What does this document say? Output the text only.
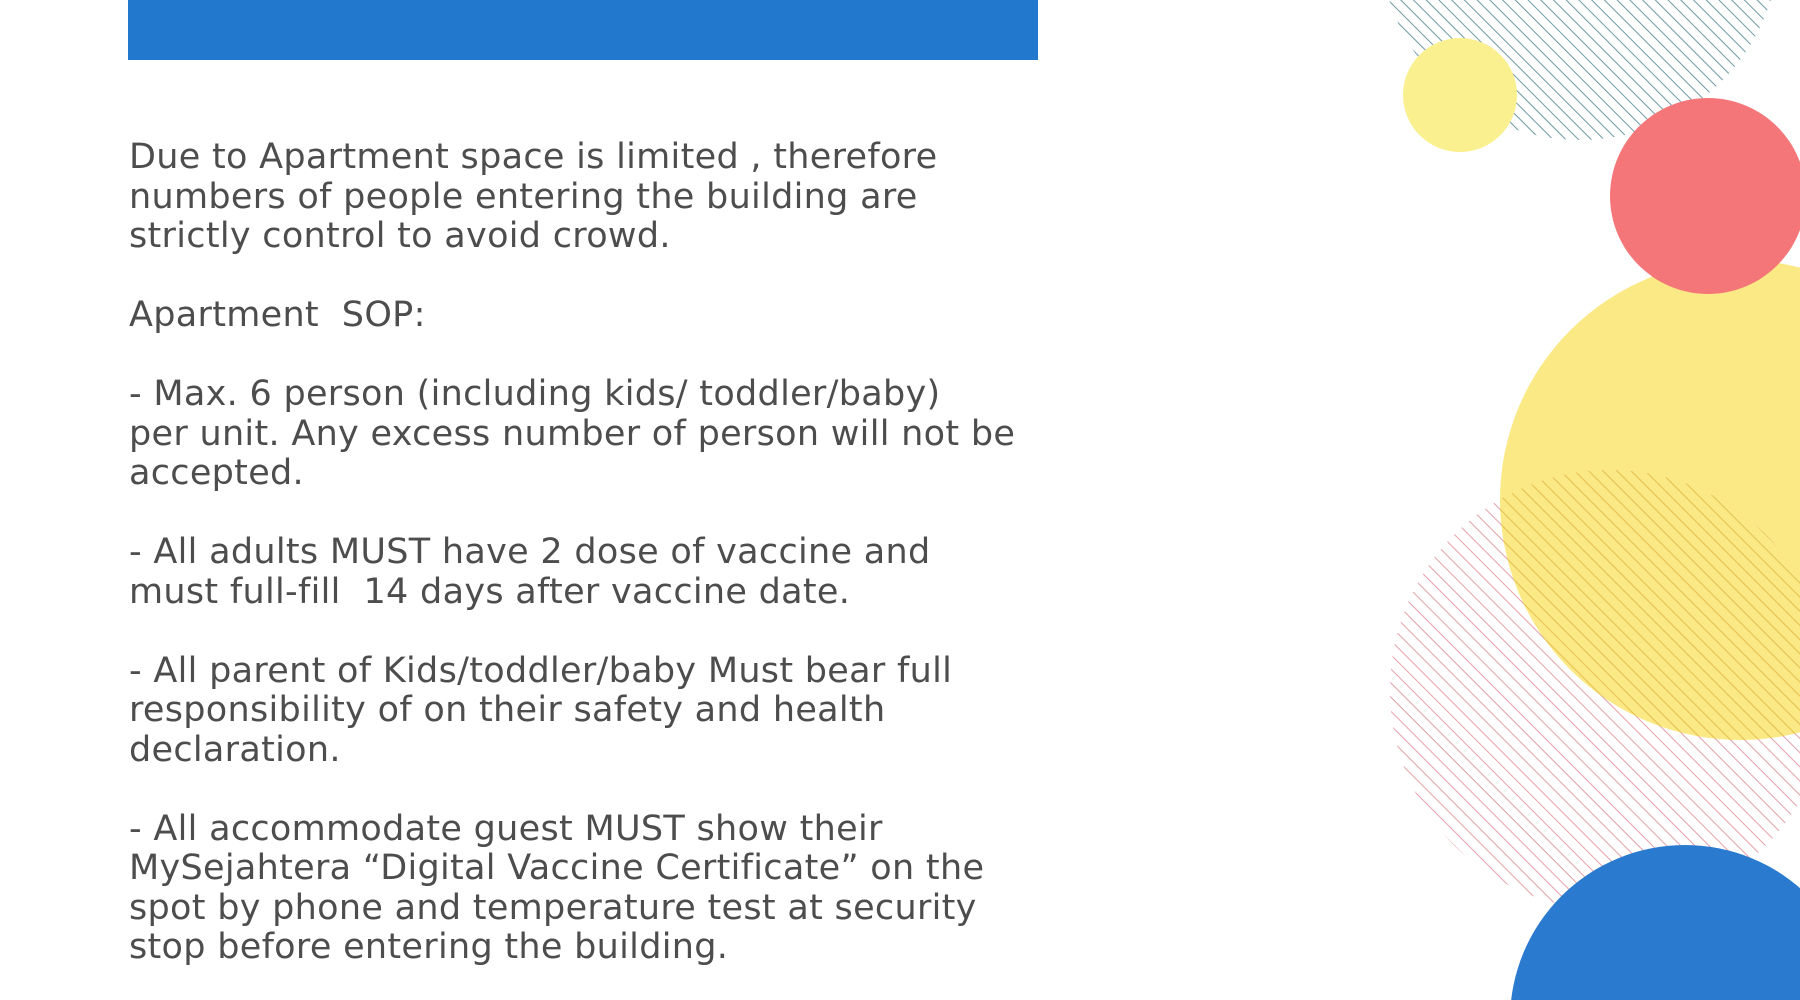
Due to Apartment space is limited , therefore
numbers of people entering the building are
strictly control to avoid crowd.

Apartment  SOP:

- Max. 6 person (including kids/ toddler/baby)
per unit. Any excess number of person will not be
accepted.

- All adults MUST have 2 dose of vaccine and
must full-fill  14 days after vaccine date.

- All parent of Kids/toddler/baby Must bear full
responsibility of on their safety and health
declaration.

- All accommodate guest MUST show their
MySejahtera “Digital Vaccine Certificate” on the
spot by phone and temperature test at security
stop before entering the building.
